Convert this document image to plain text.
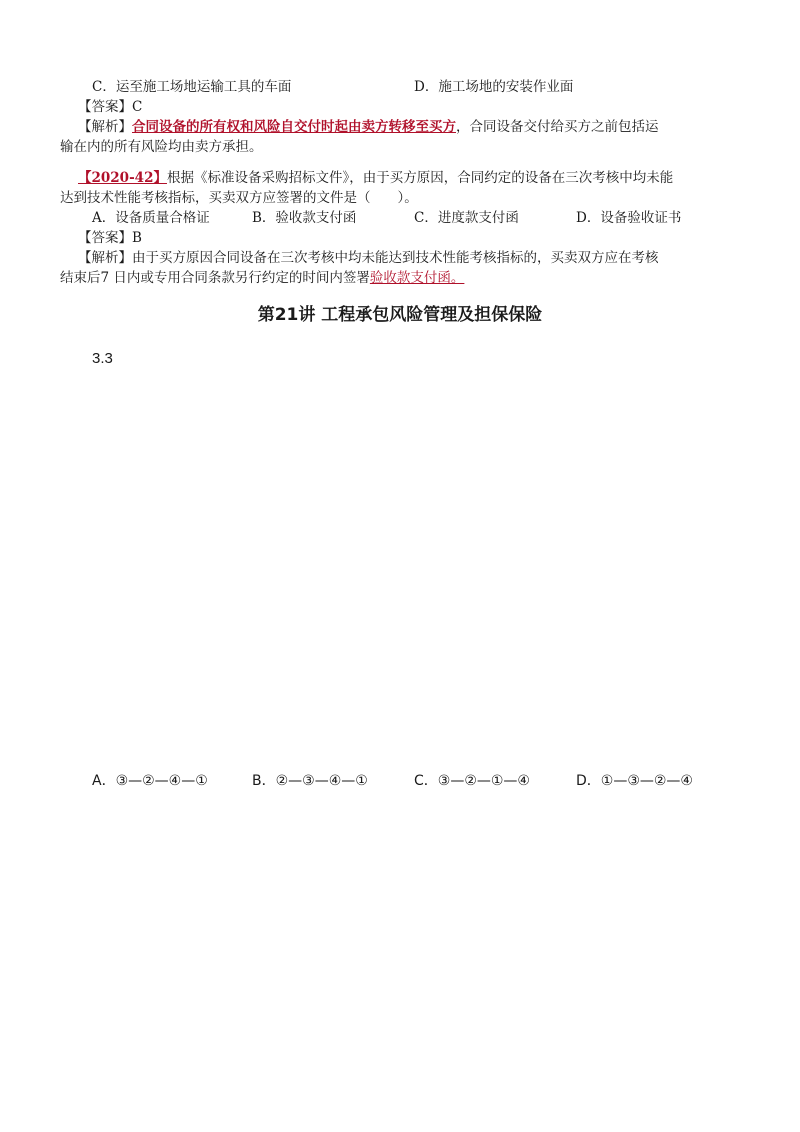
C．运至施工场地运输工具的车面	D．施工场地的安装作业面
【答案】C
【解析】合同设备的所有权和风险自交付时起由卖方转移至买方，合同设备交付给买方之前包括运
输在内的所有风险均由卖方承担。
【2020-42】根据《标准设备采购招标文件》，由于买方原因，合同约定的设备在三次考核中均未能
达到技术性能考核指标，买卖双方应签署的文件是（　　）。
A．设备质量合格证	B．验收款支付函	C．进度款支付函	D．设备验收证书
【答案】B
【解析】由于买方原因合同设备在三次考核中均未能达到技术性能考核指标的，买卖双方应在考核
结束后7 日内或专用合同条款另行约定的时间内签署验收款支付函。
第21讲 工程承包风险管理及担保保险
3.3
A．③—②—④—①	B．②—③—④—①	C．③—②—①—④	D．①—③—②—④
